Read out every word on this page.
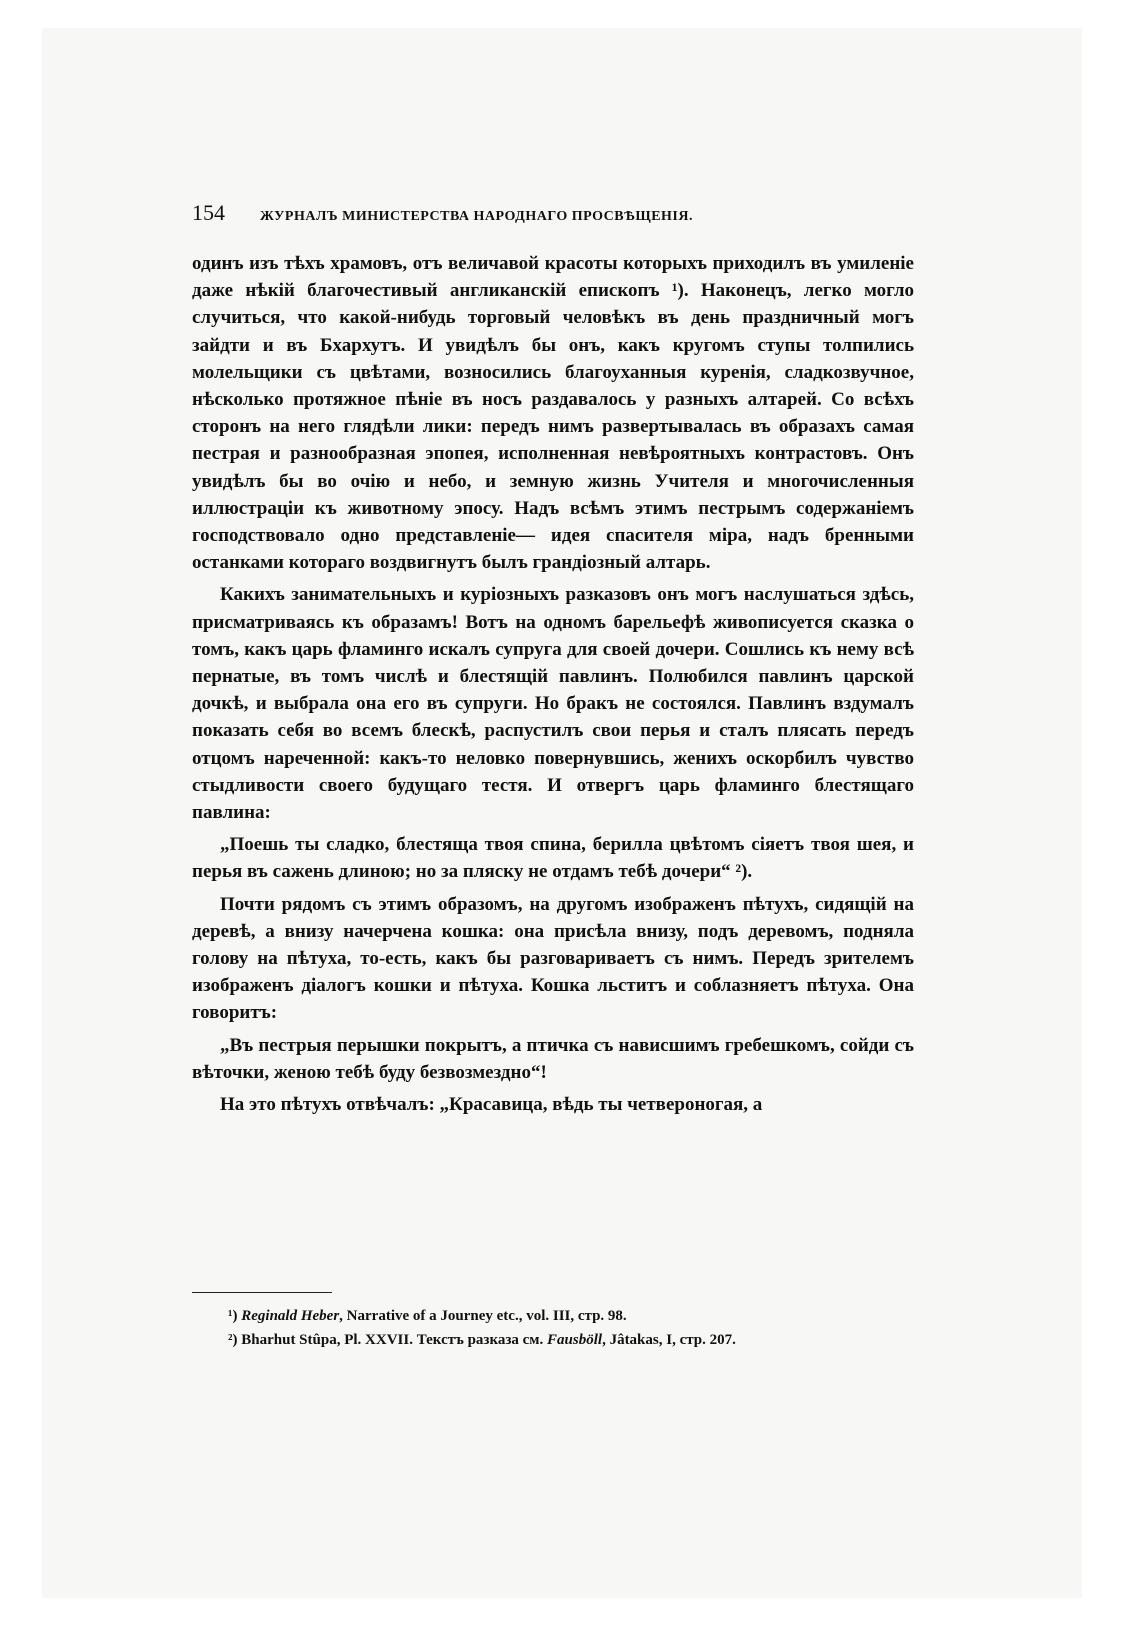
154	ЖУРНАЛЪ МИНИСТЕРСТВА НАРОДНАГО ПРОСВѢЩЕНІЯ.

одинъ изъ тѣхъ храмовъ, отъ величавой красоты которыхъ приходилъ въ умиленіе даже нѣкій благочестивый англиканскій епископъ ¹). Наконецъ, легко могло случиться, что какой-нибудь торговый человѣкъ въ день праздничный могъ зайдти и въ Бхархутъ. И увидѣлъ бы онъ, какъ кругомъ ступы толпились молельщики съ цвѣтами, возносились благоуханныя куренія, сладкозвучное, нѣсколько протяжное пѣніе въ носъ раздавалось у разныхъ алтарей. Со всѣхъ сторонъ на него глядѣли лики: передъ нимъ развертывалась въ образахъ самая пестрая и разнообразная эпопея, исполненная невѣроятныхъ контрастовъ. Онъ увидѣлъ бы во очію и небо, и земную жизнь Учителя и многочисленныя иллюстраціи къ животному эпосу. Надъ всѣмъ этимъ пестрымъ содержаніемъ господствовало одно представленіе— идея спасителя міра, надъ бренными останками котораго воздвигнутъ былъ грандіозный алтарь.

Какихъ занимательныхъ и куріозныхъ разказовъ онъ могъ наслушаться здѣсь, присматриваясь къ образамъ! Вотъ на одномъ барельефѣ живописуется сказка о томъ, какъ царь фламинго искалъ супруга для своей дочери. Сошлись къ нему всѣ пернатые, въ томъ числѣ и блестящій павлинъ. Полюбился павлинъ царской дочкѣ, и выбрала она его въ супруги. Но бракъ не состоялся. Павлинъ вздумалъ показать себя во всемъ блескѣ, распустилъ свои перья и сталъ плясать передъ отцомъ нареченной: какъ-то неловко повернувшись, женихъ оскорбилъ чувство стыдливости своего будущаго тестя. И отвергъ царь фламинго блестящаго павлина:

„Поешь ты сладко, блестяща твоя спина, берилла цвѣтомъ сіяетъ твоя шея, и перья въ сажень длиною; но за пляску не отдамъ тебѣ дочери“ ²).

Почти рядомъ съ этимъ образомъ, на другомъ изображенъ пѣтухъ, сидящій на деревѣ, а внизу начерчена кошка: она присѣла внизу, подъ деревомъ, подняла голову на пѣтуха, то-есть, какъ бы разговариваетъ съ нимъ. Передъ зрителемъ изображенъ діалогъ кошки и пѣтуха. Кошка льститъ и соблазняетъ пѣтуха. Она говоритъ:

„Въ пестрыя перышки покрытъ, а птичка съ нависшимъ гребешкомъ, сойди съ вѣточки, женою тебѣ буду безвозмездно“!

На это пѣтухъ отвѣчалъ: „Красавица, вѣдь ты четвероногая, а

¹) Reginald Heber, Narrative of a Journey etc., vol. III, стр. 98.
²) Bharhut Stûpa, Pl. XXVII. Текстъ разказа см. Fausböll, Jâtakas, I, стр. 207.
